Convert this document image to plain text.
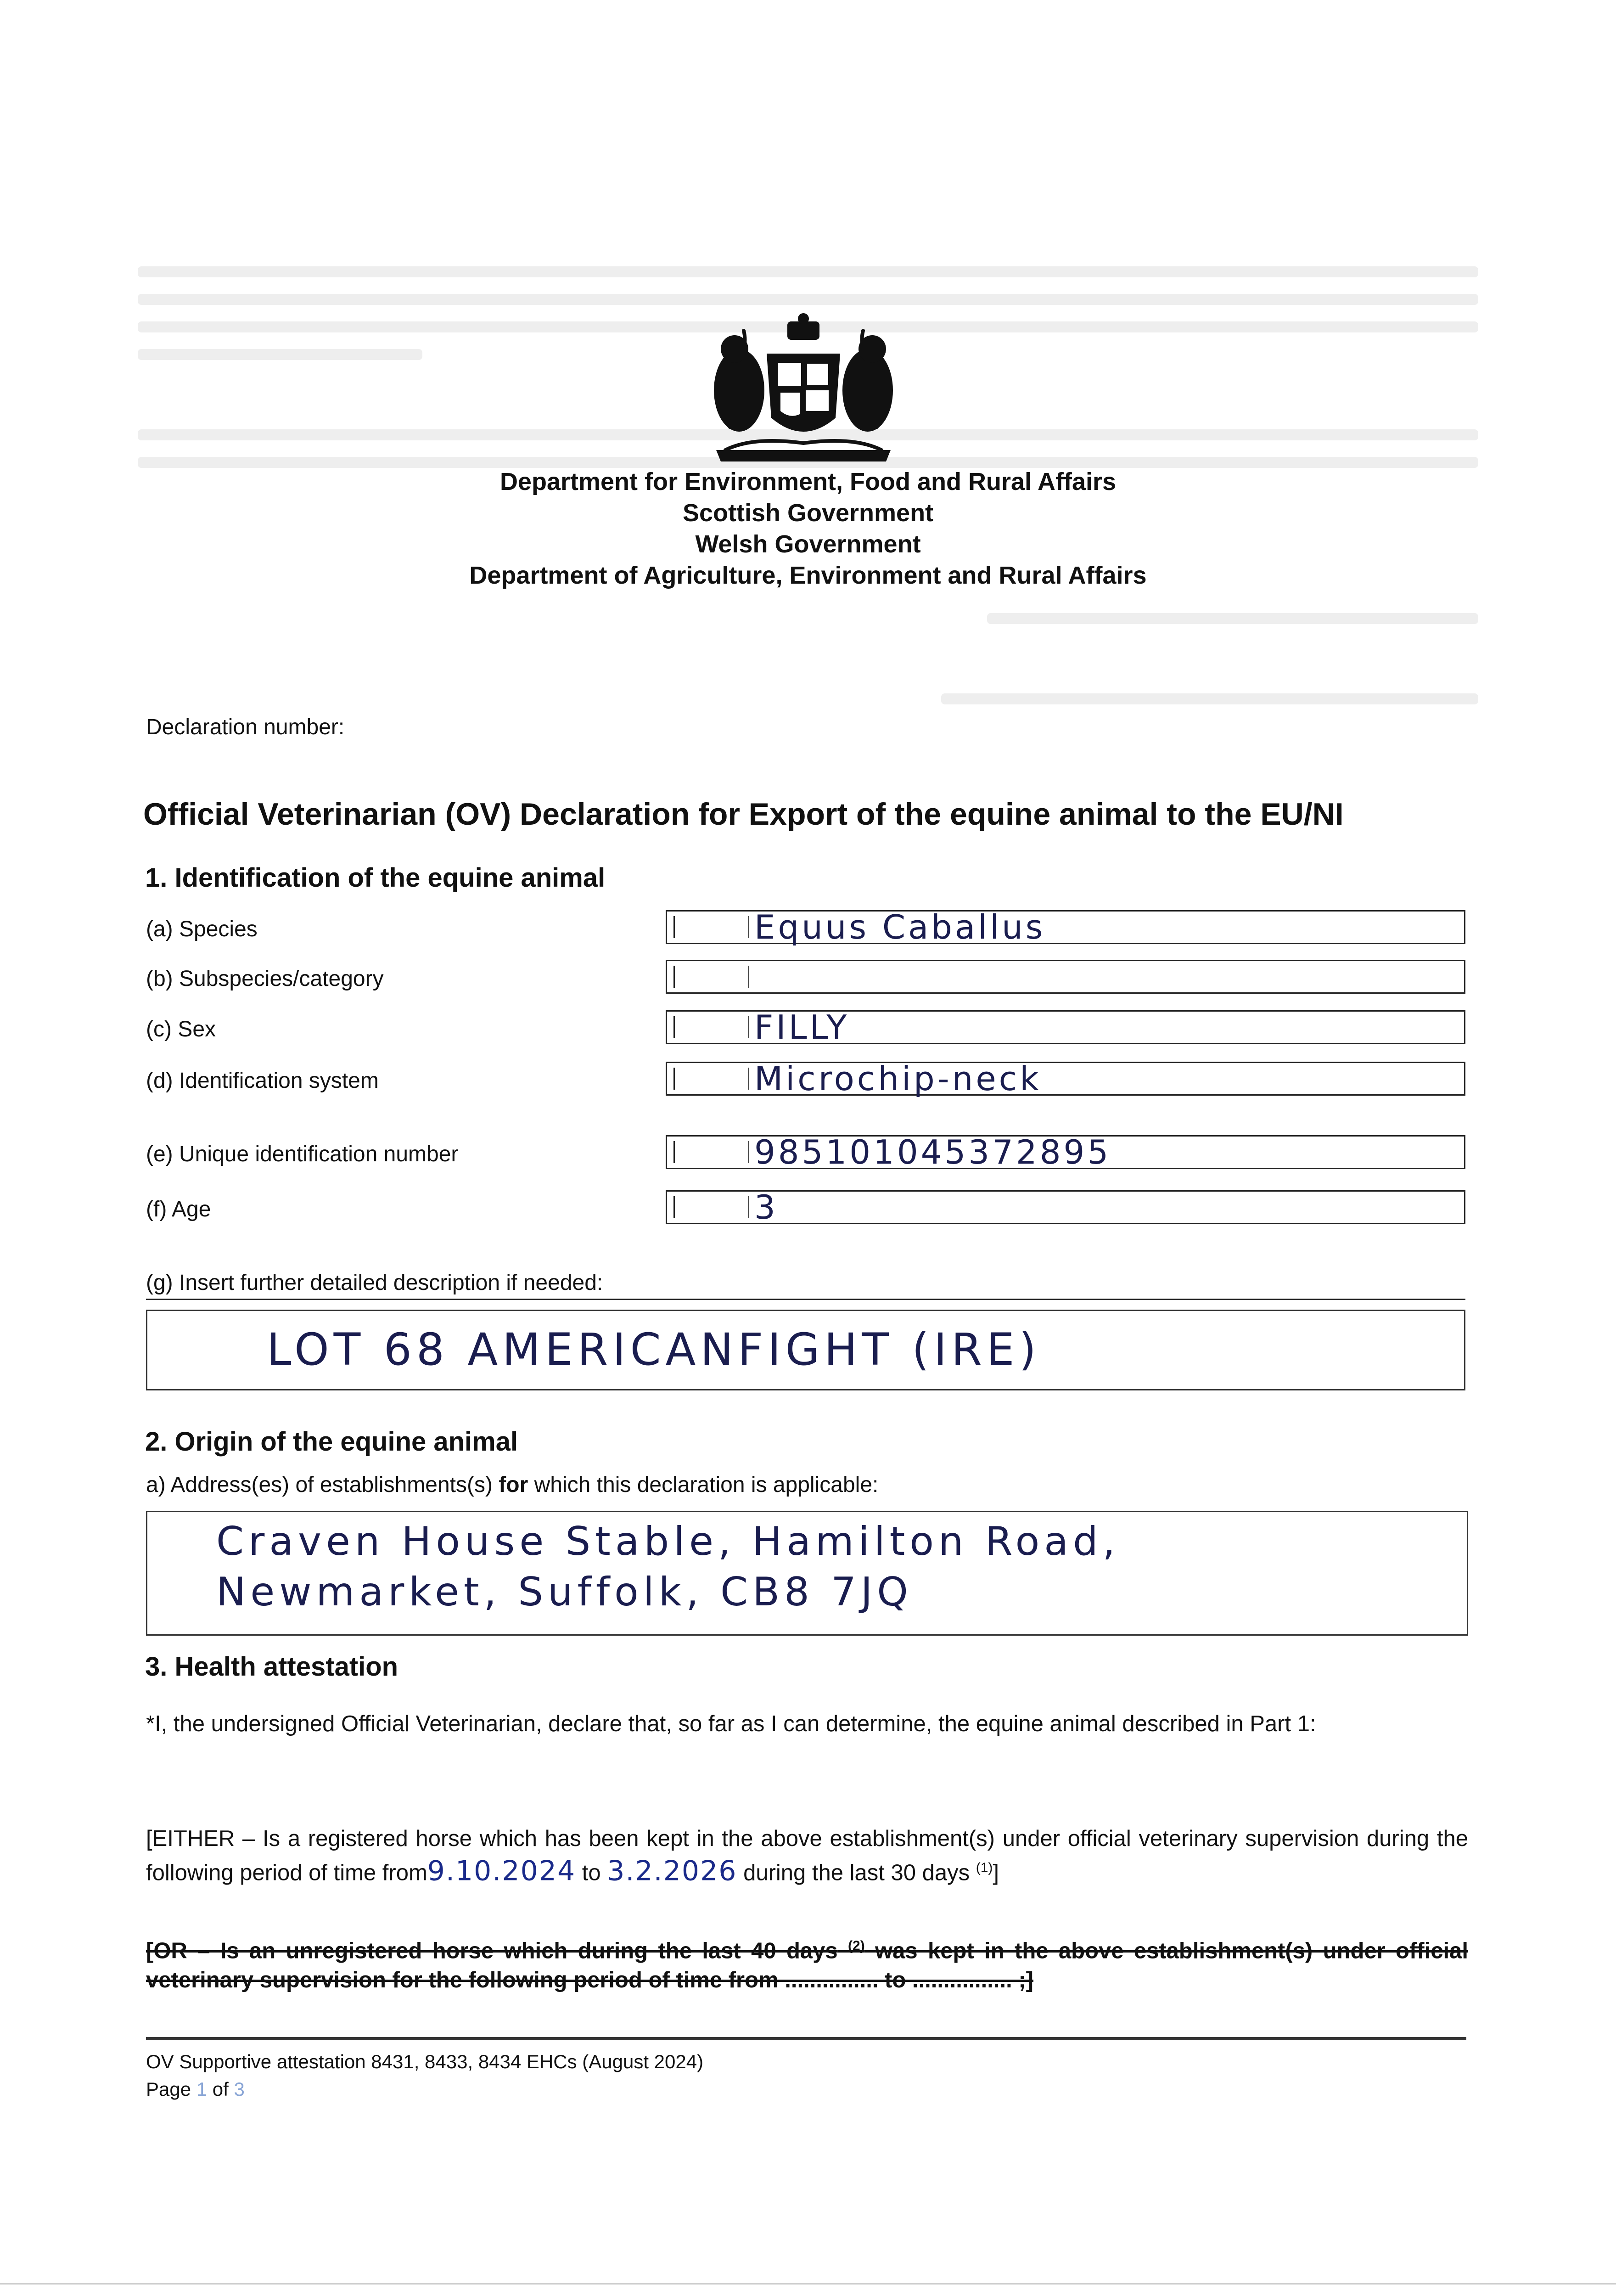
Department for Environment, Food and Rural Affairs
Scottish Government
Welsh Government
Department of Agriculture, Environment and Rural Affairs
Declaration number:
Official Veterinarian (OV) Declaration for Export of the equine animal to the EU/NI
1. Identification of the equine animal
(a) Species	Equus Caballus
(b) Subspecies/category
(c) Sex	FILLY
(d) Identification system	Microchip-neck
(e) Unique identification number	985101045372895
(f) Age	3
(g) Insert further detailed description if needed:
LOT 68 AMERICANFIGHT (IRE)
2. Origin of the equine animal
a) Address(es) of establishments(s) for which this declaration is applicable:
Craven House Stable, Hamilton Road,
Newmarket, Suffolk, CB8 7JQ
3. Health attestation
*I, the undersigned Official Veterinarian, declare that, so far as I can determine, the equine animal described in Part 1:
[EITHER – Is a registered horse which has been kept in the above establishment(s) under official veterinary supervision during the following period of time from9.10.2024 to 3.2.2026 during the last 30 days $^{(1)}$]
[OR – Is an unregistered horse which during the last 40 days $^{(2)}$ was kept in the above establishment(s) under official veterinary supervision for the following period of time from ............... to ................ ;]
OV Supportive attestation 8431, 8433, 8434 EHCs (August 2024)
Page 1 of 3
